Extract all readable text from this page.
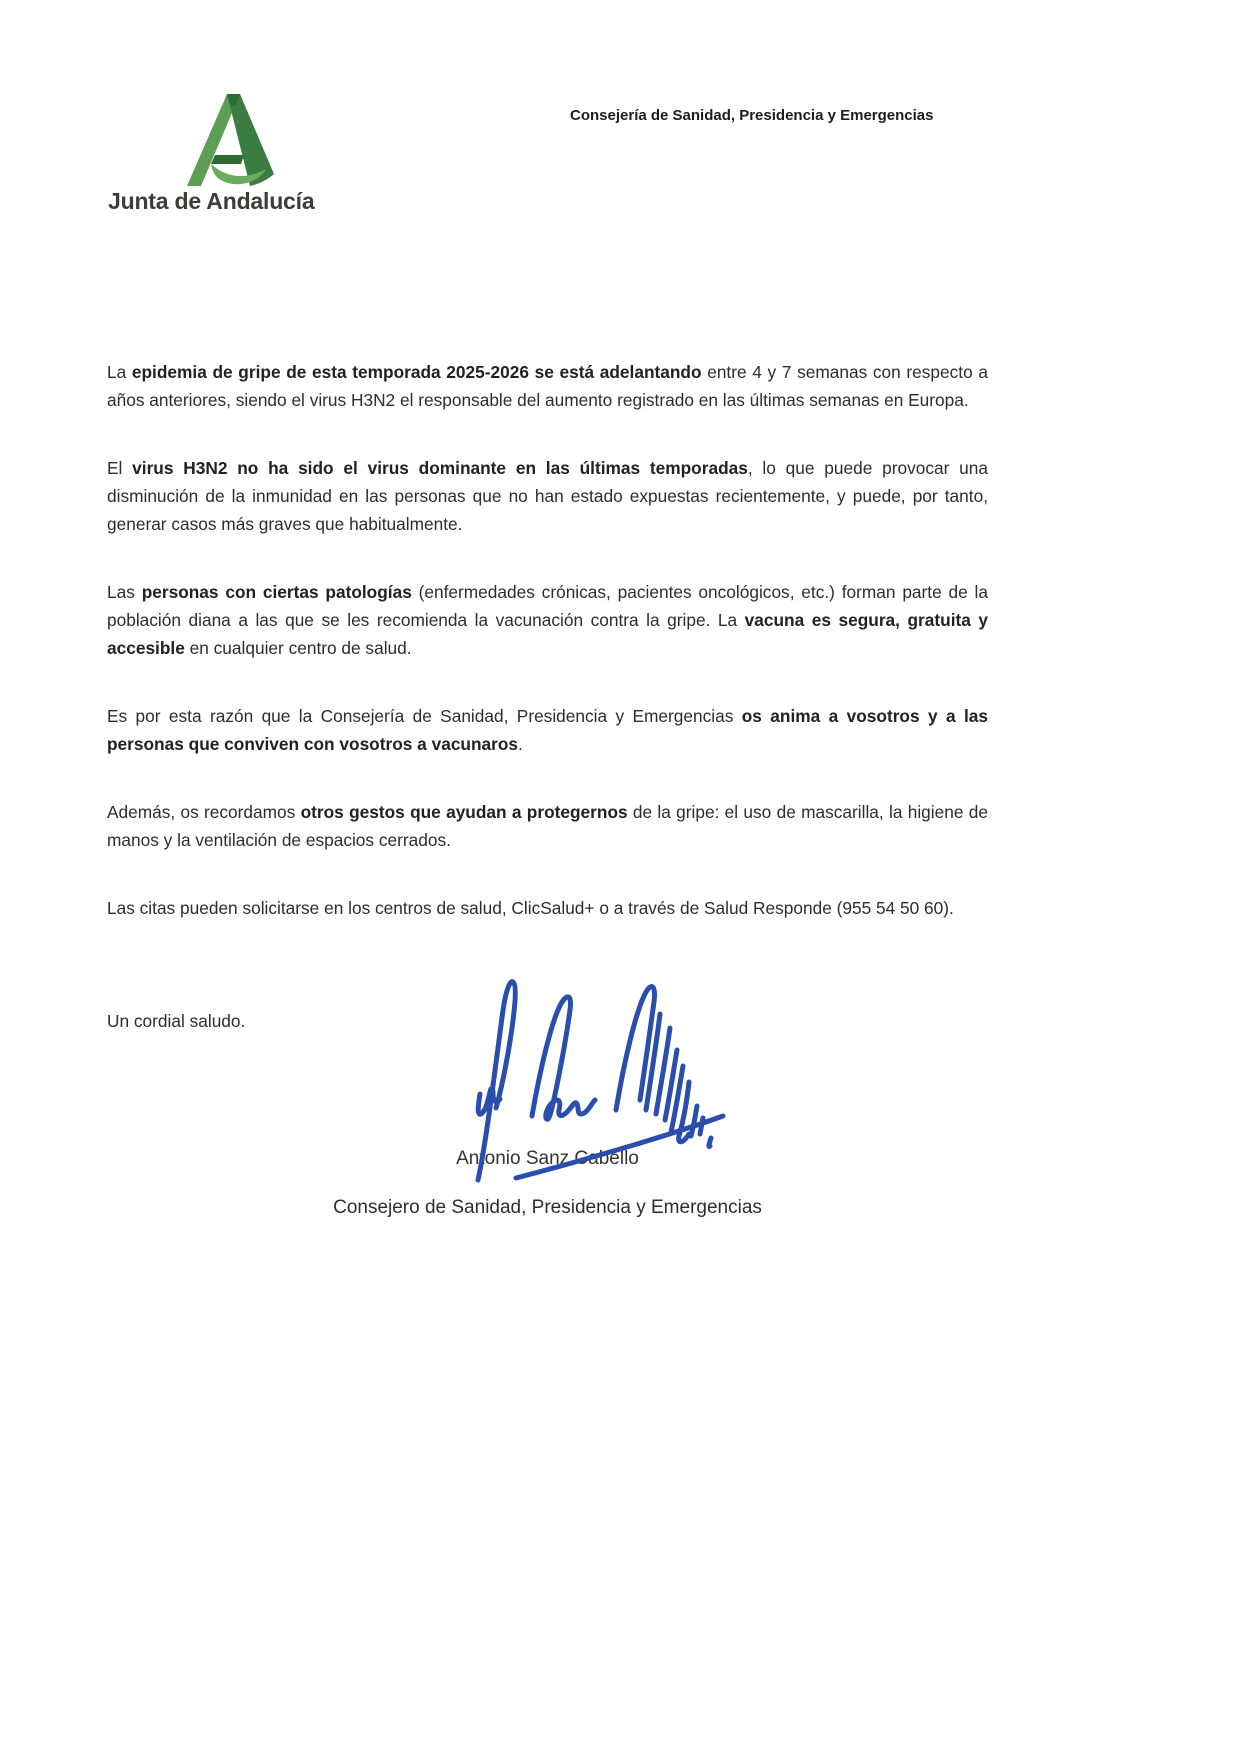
Junta de Andalucía
Consejería de Sanidad, Presidencia y Emergencias

La epidemia de gripe de esta temporada 2025-2026 se está adelantando entre 4 y 7 semanas con respecto a años anteriores, siendo el virus H3N2 el responsable del aumento registrado en las últimas semanas en Europa.

El virus H3N2 no ha sido el virus dominante en las últimas temporadas, lo que puede provocar una disminución de la inmunidad en las personas que no han estado expuestas recientemente, y puede, por tanto, generar casos más graves que habitualmente.

Las personas con ciertas patologías (enfermedades crónicas, pacientes oncológicos, etc.) forman parte de la población diana a las que se les recomienda la vacunación contra la gripe. La vacuna es segura, gratuita y accesible en cualquier centro de salud.

Es por esta razón que la Consejería de Sanidad, Presidencia y Emergencias os anima a vosotros y a las personas que conviven con vosotros a vacunaros.

Además, os recordamos otros gestos que ayudan a protegernos de la gripe: el uso de mascarilla, la higiene de manos y la ventilación de espacios cerrados.

Las citas pueden solicitarse en los centros de salud, ClicSalud+ o a través de Salud Responde (955 54 50 60).

Un cordial saludo.

Antonio Sanz Cabello
Consejero de Sanidad, Presidencia y Emergencias
